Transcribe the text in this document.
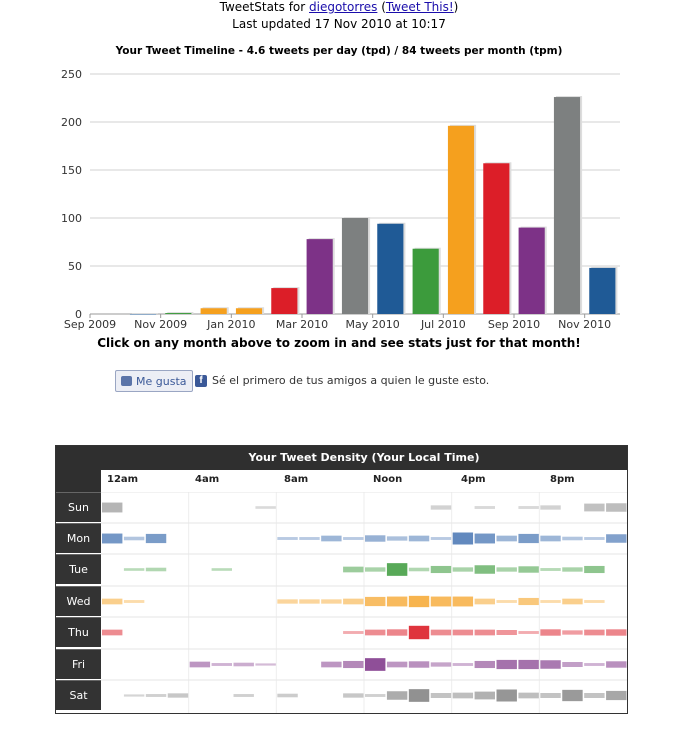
TweetStats for diegotorres (Tweet This!)
Last updated 17 Nov 2010 at 10:17
Your Tweet Timeline - 4.6 tweets per day (tpd) / 84 tweets per month (tpm)
0
50
100
150
200
250
Sep 2009 Nov 2009 Jan 2010 Mar 2010 May 2010 Jul 2010 Sep 2010 Nov 2010
Click on any month above to zoom in and see stats just for that month!
Me gusta	f Sé el primero de tus amigos a quien le guste esto.
Your Tweet Density (Your Local Time)
12am	4am	8am	Noon	4pm	8pm
Sun
Mon
Tue
Wed
Thu
Fri
Sat
